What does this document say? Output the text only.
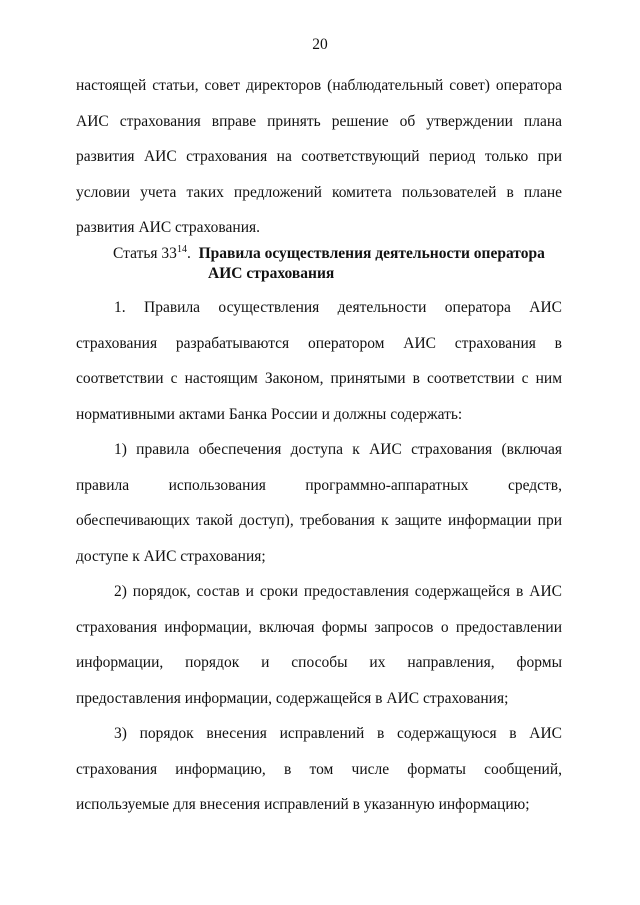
20

настоящей статьи, совет директоров (наблюдательный совет) оператора АИС страхования вправе принять решение об утверждении плана развития АИС страхования на соответствующий период только при условии учета таких предложений комитета пользователей в плане развития АИС страхования.

Статья $33^{14}$.  Правила осуществления деятельности оператора
АИС страхования

1. Правила осуществления деятельности оператора АИС страхования разрабатываются оператором АИС страхования в соответствии с настоящим Законом, принятыми в соответствии с ним нормативными актами Банка России и должны содержать:

1) правила обеспечения доступа к АИС страхования (включая правила использования программно-аппаратных средств, обеспечивающих такой доступ), требования к защите информации при доступе к АИС страхования;

2) порядок, состав и сроки предоставления содержащейся в АИС страхования информации, включая формы запросов о предоставлении информации, порядок и способы их направления, формы предоставления информации, содержащейся в АИС страхования;

3) порядок внесения исправлений в содержащуюся в АИС страхования информацию, в том числе форматы сообщений, используемые для внесения исправлений в указанную информацию;
